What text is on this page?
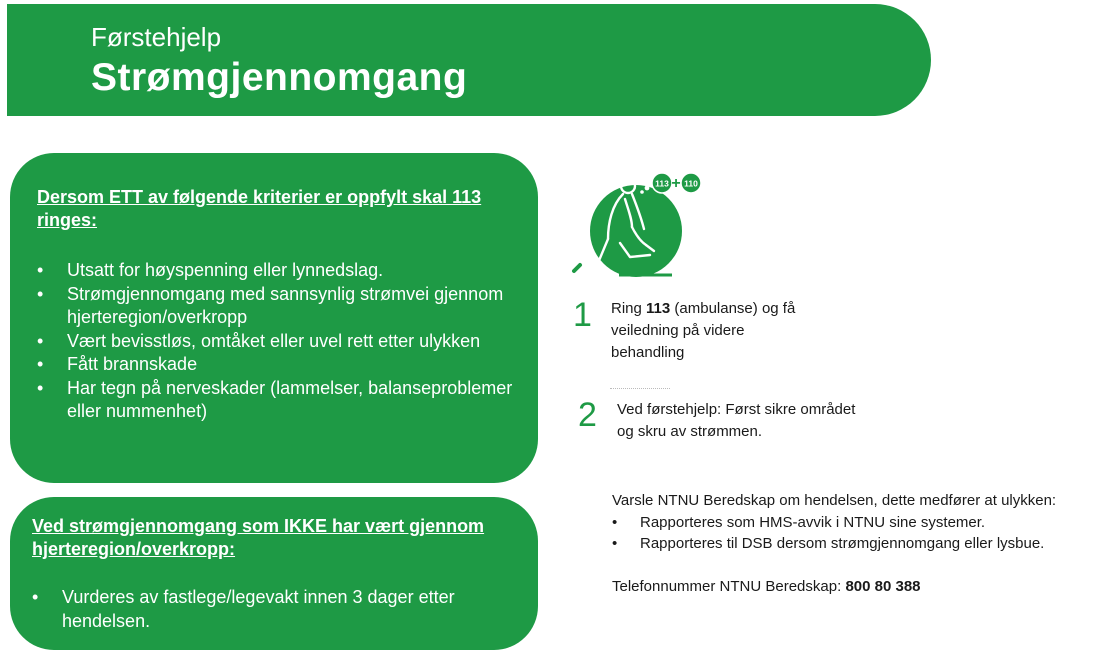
Førstehjelp
Strømgjennomgang
Dersom ETT av følgende kriterier er oppfylt skal 113 ringes:
• Utsatt for høyspenning eller lynnedslag.
• Strømgjennomgang med sannsynlig strømvei gjennom hjerteregion/overkropp
• Vært bevisstløs, omtåket eller uvel rett etter ulykken
• Fått brannskade
• Har tegn på nerveskader (lammelser, balanseproblemer eller nummenhet)
Ved strømgjennomgang som IKKE har vært gjennom hjerteregion/overkropp:
• Vurderes av fastlege/legevakt innen 3 dager etter hendelsen.
113 + 110
1 Ring 113 (ambulanse) og få veiledning på videre behandling
2 Ved førstehjelp: Først sikre området og skru av strømmen.
Varsle NTNU Beredskap om hendelsen, dette medfører at ulykken:
• Rapporteres som HMS-avvik i NTNU sine systemer.
• Rapporteres til DSB dersom strømgjennomgang eller lysbue.
Telefonnummer NTNU Beredskap: 800 80 388
